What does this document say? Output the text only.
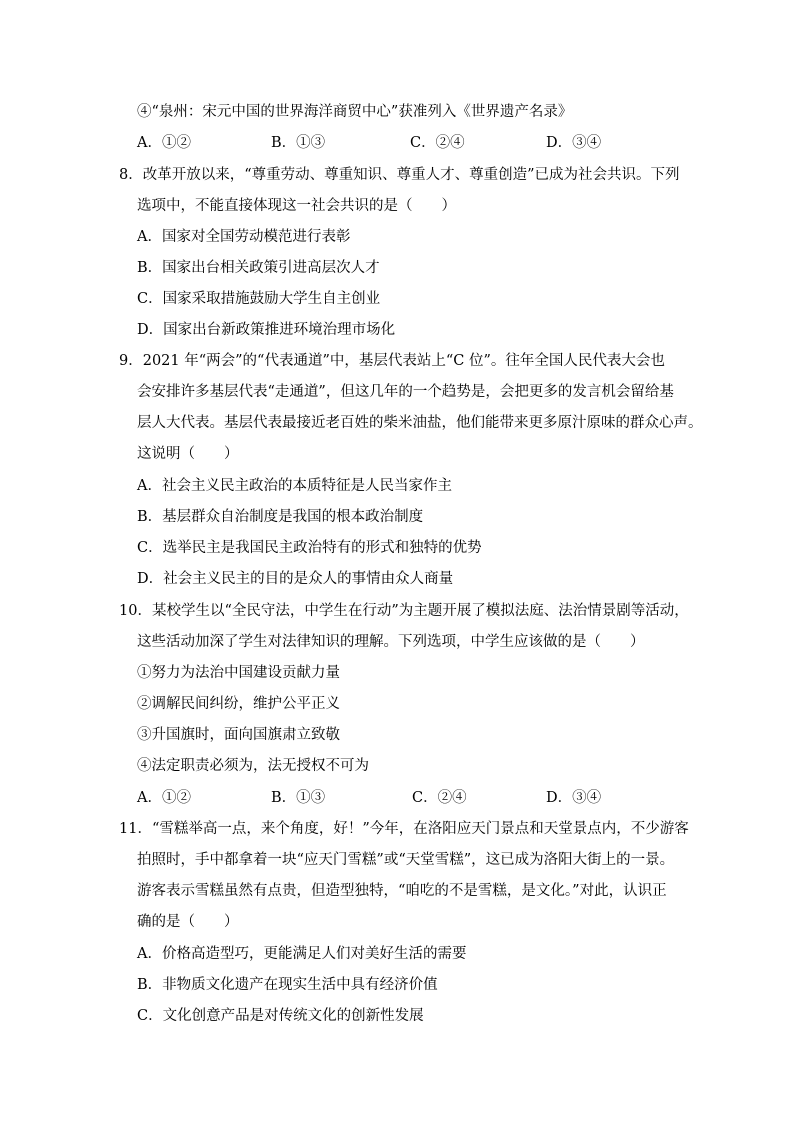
④“泉州：宋元中国的世界海洋商贸中心”获准列入《世界遗产名录》
A．①②	B．①③	C．②④	D．③④
8．改革开放以来，“尊重劳动、尊重知识、尊重人才、尊重创造”已成为社会共识。下列
选项中，不能直接体现这一社会共识的是（　　）
A．国家对全国劳动模范进行表彰
B．国家出台相关政策引进高层次人才
C．国家采取措施鼓励大学生自主创业
D．国家出台新政策推进环境治理市场化
9．2021 年“两会”的“代表通道”中，基层代表站上“C 位”。往年全国人民代表大会也
会安排许多基层代表“走通道”，但这几年的一个趋势是，会把更多的发言机会留给基
层人大代表。基层代表最接近老百姓的柴米油盐，他们能带来更多原汁原味的群众心声。
这说明（　　）
A．社会主义民主政治的本质特征是人民当家作主
B．基层群众自治制度是我国的根本政治制度
C．选举民主是我国民主政治特有的形式和独特的优势
D．社会主义民主的目的是众人的事情由众人商量
10．某校学生以“全民守法，中学生在行动”为主题开展了模拟法庭、法治情景剧等活动，
这些活动加深了学生对法律知识的理解。下列选项，中学生应该做的是（　　）
①努力为法治中国建设贡献力量
②调解民间纠纷，维护公平正义
③升国旗时，面向国旗肃立致敬
④法定职责必须为，法无授权不可为
A．①②	B．①③	C．②④	D．③④
11．“雪糕举高一点，来个角度，好！”今年，在洛阳应天门景点和天堂景点内，不少游客
拍照时，手中都拿着一块“应天门雪糕”或“天堂雪糕”，这已成为洛阳大街上的一景。
游客表示雪糕虽然有点贵，但造型独特，“咱吃的不是雪糕，是文化。”对此，认识正
确的是（　　）
A．价格高造型巧，更能满足人们对美好生活的需要
B．非物质文化遗产在现实生活中具有经济价值
C．文化创意产品是对传统文化的创新性发展
